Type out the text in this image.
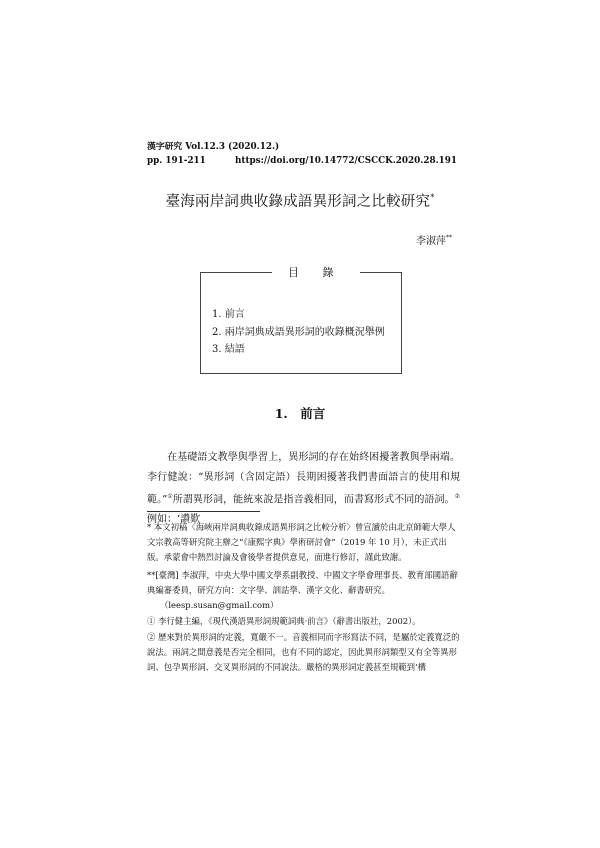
漢字研究 Vol.12.3 (2020.12.)
pp. 191-211	https://doi.org/10.14772/CSCCK.2020.28.191
臺海兩岸詞典收錄成語異形詞之比較研究*
李淑萍**
目 錄
1. 前言
2. 兩岸詞典成語異形詞的收錄概況舉例
3. 結語
1.　前言
在基礎語文教學與學習上，異形詞的存在始終困擾著教與學兩端。李行健說：“異形詞（含固定語）長期困擾著我們書面語言的使用和規範。”①所謂異形詞，能統來說是指音義相同，而書寫形式不同的語詞。②例如：‘讚歎
* 本文初稿〈海峽兩岸詞典收錄成語異形詞之比較分析〉曾宣讀於由北京師範大學人文宗教高等研究院主辦之“《康熙字典》學術研討會”（2019 年 10 月），未正式出版。承蒙會中熱烈討論及會後學者提供意見，面進行修訂，謹此致謝。
**[臺灣] 李淑萍，中央大學中國文學系副教授、中國文字學會理事長、教育部國語辭典編審委員，研究方向：文字學、訓詁學、漢字文化、辭書研究。
（leesp.susan@gmail.com）
① 李行健主編，《現代漢語異形詞規範詞典·前言》（辭書出版社，2002）。
② 歷來對於異形詞的定義，寬嚴不一。音義相同而字形寫法不同，是屬於定義寬泛的說法。兩詞之間意義是否完全相同，也有不同的認定，因此異形詞類型又有全等異形詞、包孕異形詞、交叉異形詞的不同說法。嚴格的異形詞定義甚至規範到‘構
